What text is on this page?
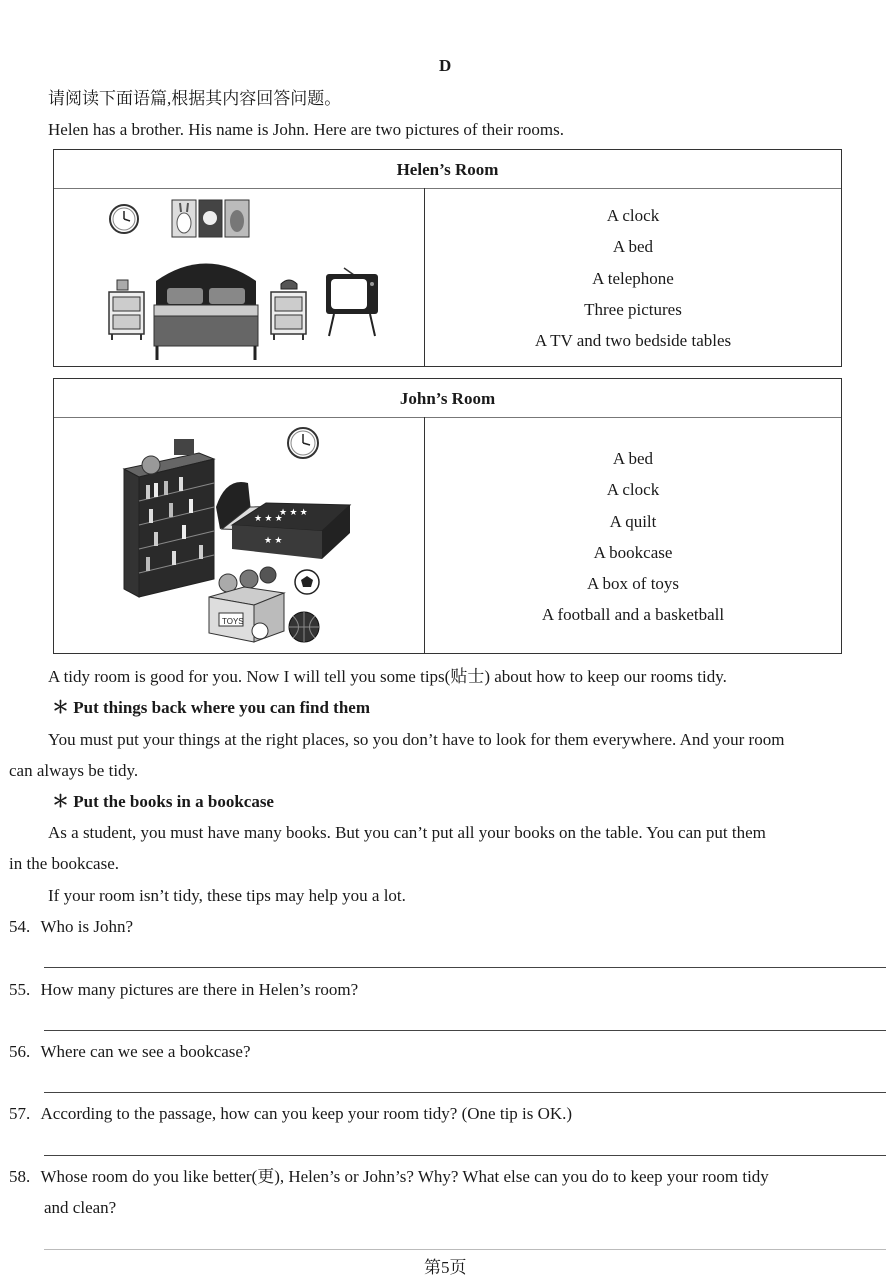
D
请阅读下面语篇,根据其内容回答问题。
Helen has a brother. His name is John. Here are two pictures of their rooms.
Helen’s Room
A clock
A bed
A telephone
Three pictures
A TV and two bedside tables
John’s Room
★ ★ ★
★ ★ ★
★ ★
TOYS
A bed
A clock
A quilt
A bookcase
A box of toys
A football and a basketball
A tidy room is good for you. Now I will tell you some tips(贴士) about how to keep our rooms tidy.
＊ Put things back where you can find them
You must put your things at the right places, so you don’t have to look for them everywhere. And your room
can always be tidy.
＊ Put the books in a bookcase
As a student, you must have many books. But you can’t put all your books on the table. You can put them
in the bookcase.
If your room isn’t tidy, these tips may help you a lot.
54. Who is John?
55. How many pictures are there in Helen’s room?
56. Where can we see a bookcase?
57. According to the passage, how can you keep your room tidy? (One tip is OK.)
58. Whose room do you like better(更), Helen’s or John’s? Why? What else can you do to keep your room tidy
and clean?
第5页
